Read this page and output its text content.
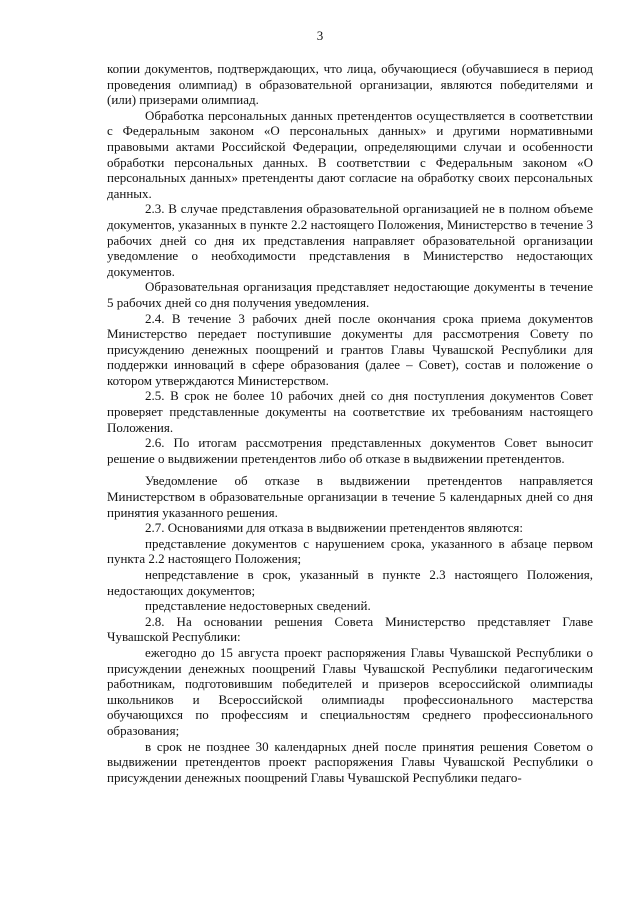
3

копии документов, подтверждающих, что лица, обучающиеся (обучавшиеся в период проведения олимпиад) в образовательной организации, являются победителями и (или) призерами олимпиад.

Обработка персональных данных претендентов осуществляется в соответствии с Федеральным законом «О персональных данных» и другими нормативными правовыми актами Российской Федерации, определяющими случаи и особенности обработки персональных данных. В соответствии с Федеральным законом «О персональных данных» претенденты дают согласие на обработку своих персональных данных.

2.3. В случае представления образовательной организацией не в полном объеме документов, указанных в пункте 2.2 настоящего Положения, Министерство в течение 3 рабочих дней со дня их представления направляет образовательной организации уведомление о необходимости представления в Министерство недостающих документов.

Образовательная организация представляет недостающие документы в течение 5 рабочих дней со дня получения уведомления.

2.4. В течение 3 рабочих дней после окончания срока приема документов Министерство передает поступившие документы для рассмотрения Совету по присуждению денежных поощрений и грантов Главы Чувашской Республики для поддержки инноваций в сфере образования (далее – Совет), состав и положение о котором утверждаются Министерством.

2.5. В срок не более 10 рабочих дней со дня поступления документов Совет проверяет представленные документы на соответствие их требованиям настоящего Положения.

2.6. По итогам рассмотрения представленных документов Совет выносит решение о выдвижении претендентов либо об отказе в выдвижении претендентов.

Уведомление об отказе в выдвижении претендентов направляется Министерством в образовательные организации в течение 5 календарных дней со дня принятия указанного решения.

2.7. Основаниями для отказа в выдвижении претендентов являются:

представление документов с нарушением срока, указанного в абзаце первом пункта 2.2 настоящего Положения;

непредставление в срок, указанный в пункте 2.3 настоящего Положения, недостающих документов;

представление недостоверных сведений.

2.8. На основании решения Совета Министерство представляет Главе Чувашской Республики:

ежегодно до 15 августа проект распоряжения Главы Чувашской Республики о присуждении денежных поощрений Главы Чувашской Республики педагогическим работникам, подготовившим победителей и призеров всероссийской олимпиады школьников и Всероссийской олимпиады профессионального мастерства обучающихся по профессиям и специальностям среднего профессионального образования;

в срок не позднее 30 календарных дней после принятия решения Советом о выдвижении претендентов проект распоряжения Главы Чувашской Республики о присуждении денежных поощрений Главы Чувашской Республики педаго-
